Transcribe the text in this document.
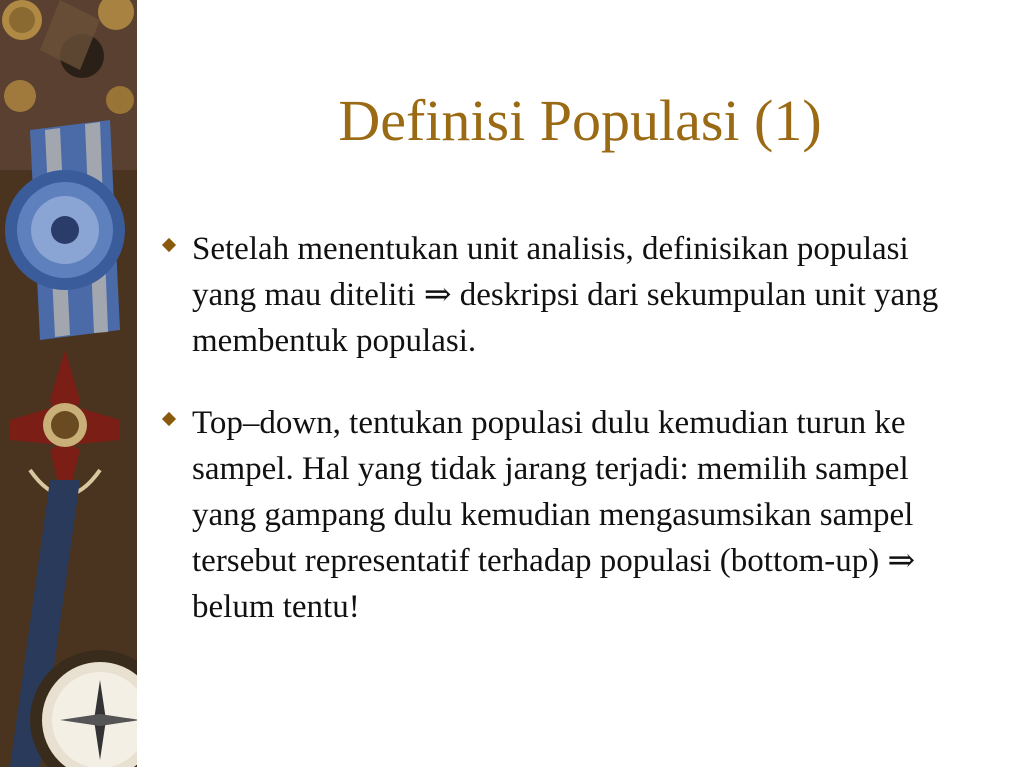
Definisi Populasi (1)
Setelah menentukan unit analisis, definisikan populasi yang mau diteliti ⇒ deskripsi dari sekumpulan unit yang membentuk populasi.
Top–down, tentukan populasi dulu kemudian turun ke sampel. Hal yang tidak jarang terjadi: memilih sampel yang gampang dulu kemudian mengasumsikan sampel tersebut representatif terhadap populasi (bottom-up) ⇒ belum tentu!
